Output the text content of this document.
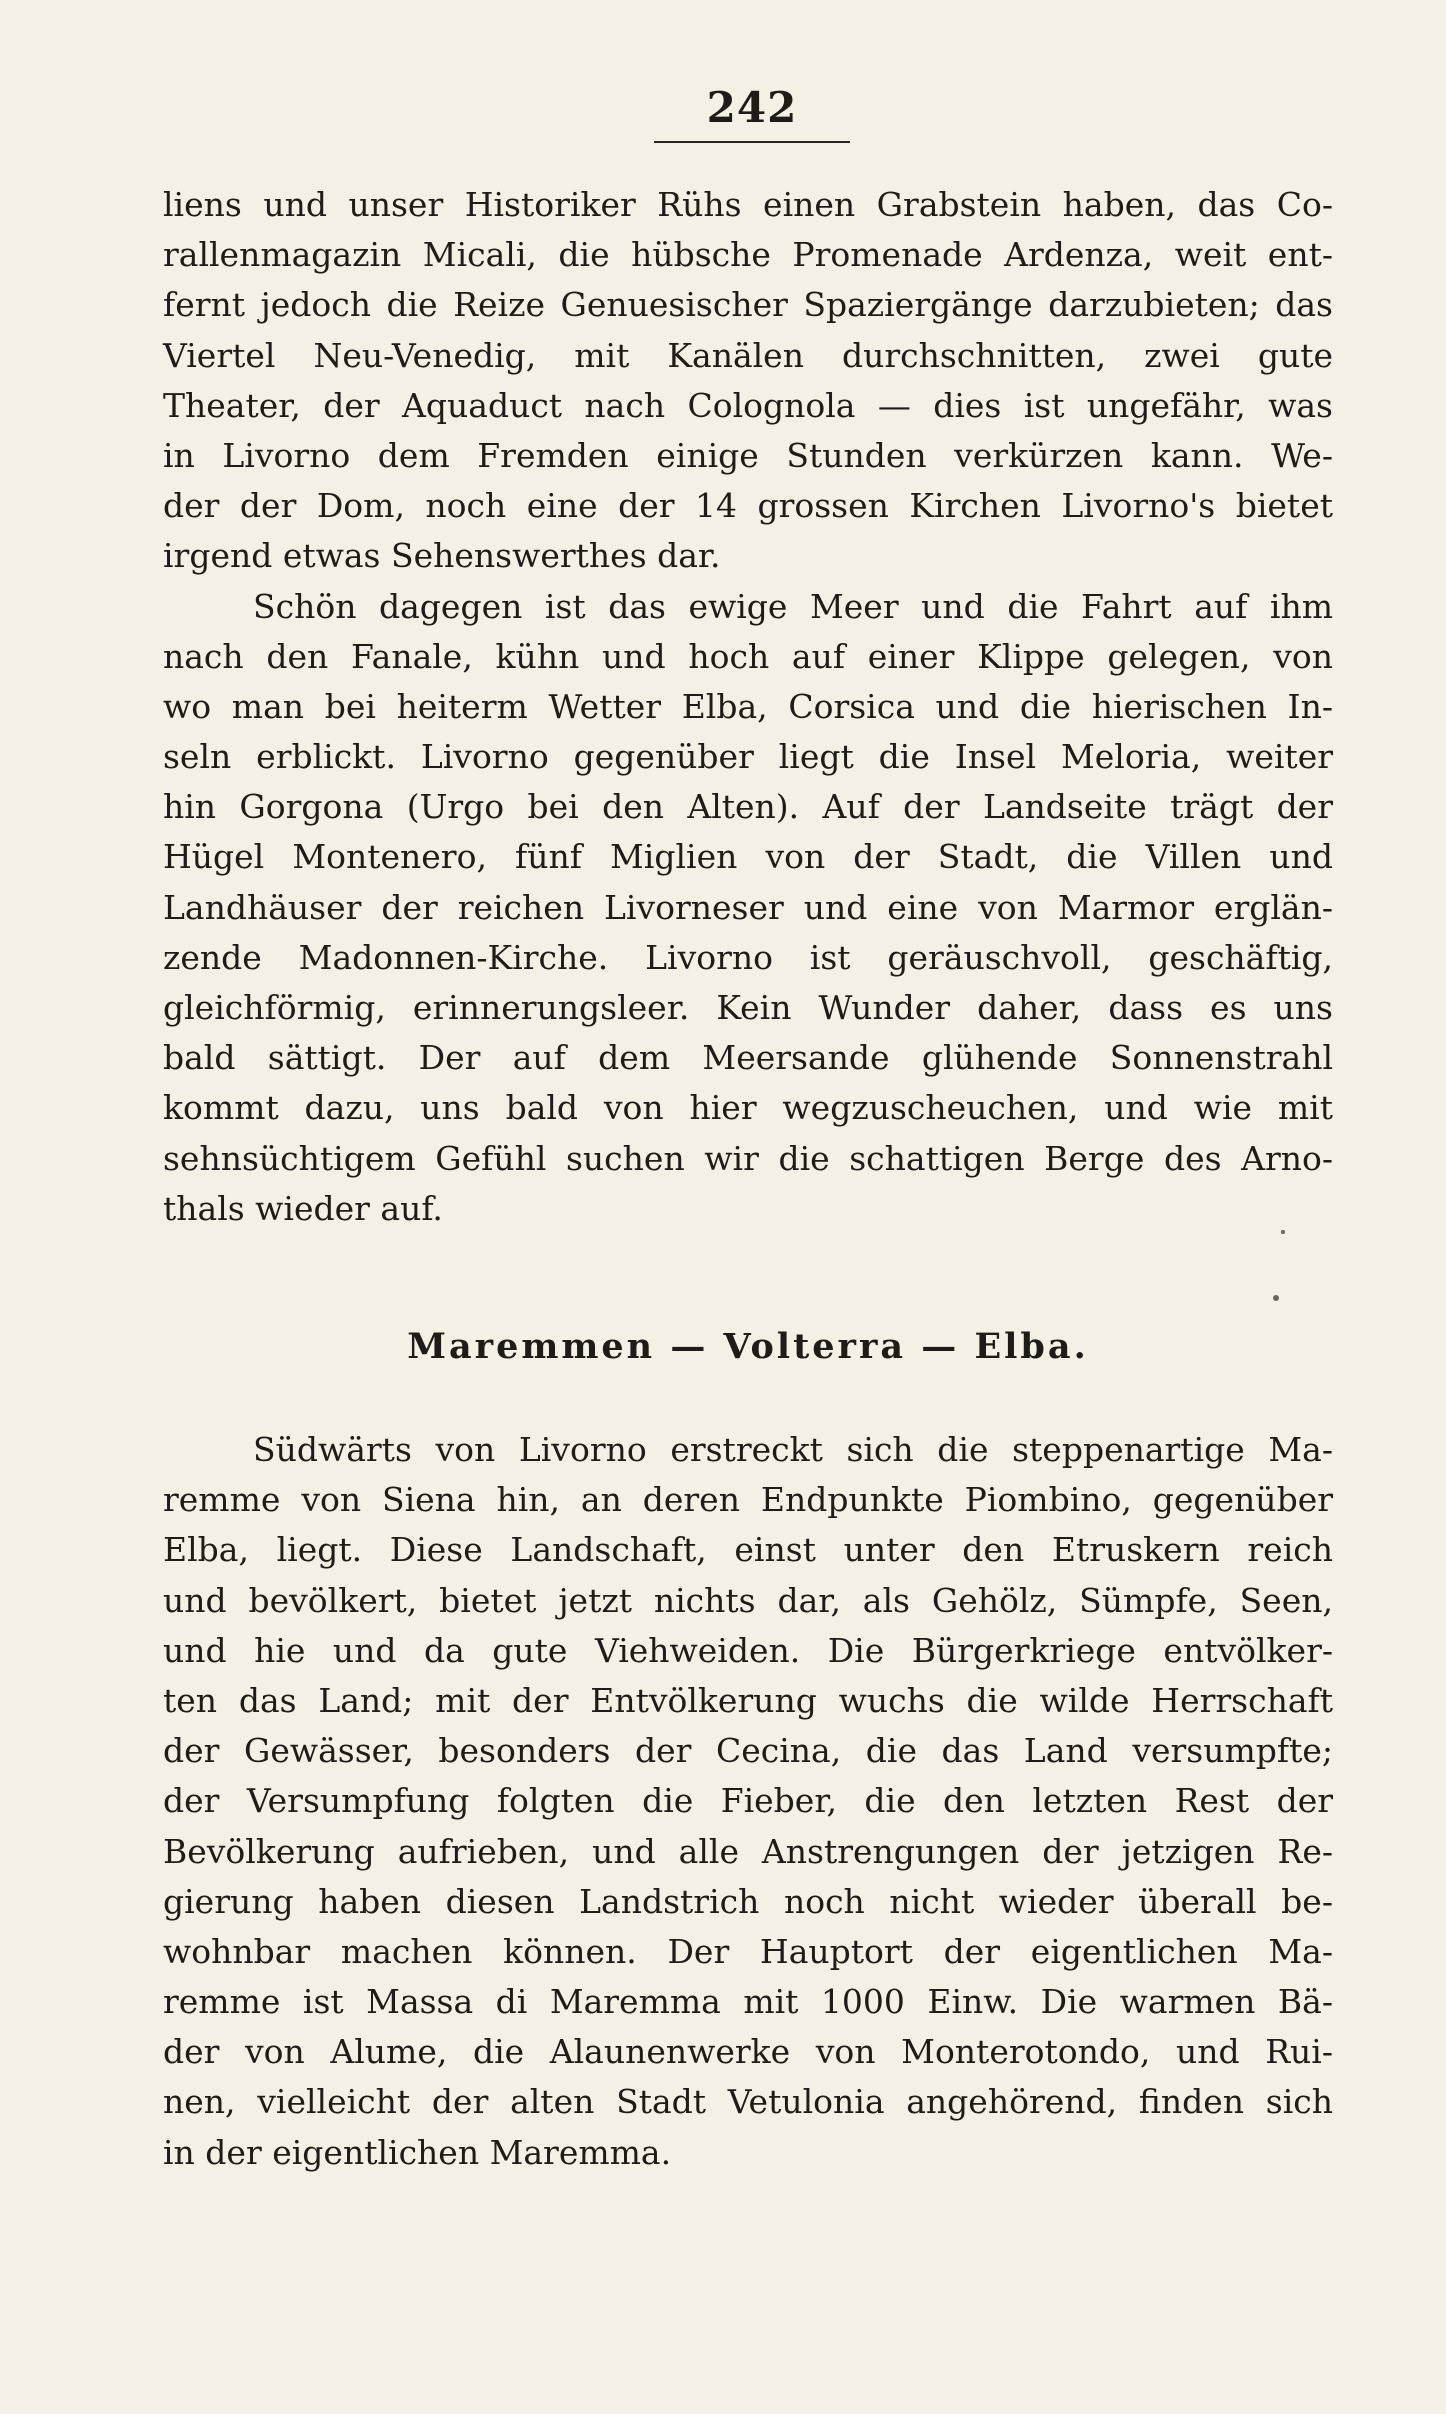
242
liens und unser Historiker Rühs einen Grabstein haben, das Co-
rallenmagazin Micali, die hübsche Promenade Ardenza, weit ent-
fernt jedoch die Reize Genuesischer Spaziergänge darzubieten; das
Viertel Neu-Venedig, mit Kanälen durchschnitten, zwei gute
Theater, der Aquaduct nach Colognola — dies ist ungefähr, was
in Livorno dem Fremden einige Stunden verkürzen kann. We-
der der Dom, noch eine der 14 grossen Kirchen Livorno's bietet
irgend etwas Sehenswerthes dar.
Schön dagegen ist das ewige Meer und die Fahrt auf ihm
nach den Fanale, kühn und hoch auf einer Klippe gelegen, von
wo man bei heiterm Wetter Elba, Corsica und die hierischen In-
seln erblickt. Livorno gegenüber liegt die Insel Meloria, weiter
hin Gorgona (Urgo bei den Alten). Auf der Landseite trägt der
Hügel Montenero, fünf Miglien von der Stadt, die Villen und
Landhäuser der reichen Livorneser und eine von Marmor erglän-
zende Madonnen-Kirche. Livorno ist geräuschvoll, geschäftig,
gleichförmig, erinnerungsleer. Kein Wunder daher, dass es uns
bald sättigt. Der auf dem Meersande glühende Sonnenstrahl
kommt dazu, uns bald von hier wegzuscheuchen, und wie mit
sehnsüchtigem Gefühl suchen wir die schattigen Berge des Arno-
thals wieder auf.
Maremmen — Volterra — Elba.
Südwärts von Livorno erstreckt sich die steppenartige Ma-
remme von Siena hin, an deren Endpunkte Piombino, gegenüber
Elba, liegt. Diese Landschaft, einst unter den Etruskern reich
und bevölkert, bietet jetzt nichts dar, als Gehölz, Sümpfe, Seen,
und hie und da gute Viehweiden. Die Bürgerkriege entvölker-
ten das Land; mit der Entvölkerung wuchs die wilde Herrschaft
der Gewässer, besonders der Cecina, die das Land versumpfte;
der Versumpfung folgten die Fieber, die den letzten Rest der
Bevölkerung aufrieben, und alle Anstrengungen der jetzigen Re-
gierung haben diesen Landstrich noch nicht wieder überall be-
wohnbar machen können. Der Hauptort der eigentlichen Ma-
remme ist Massa di Maremma mit 1000 Einw. Die warmen Bä-
der von Alume, die Alaunenwerke von Monterotondo, und Rui-
nen, vielleicht der alten Stadt Vetulonia angehörend, finden sich
in der eigentlichen Maremma.
